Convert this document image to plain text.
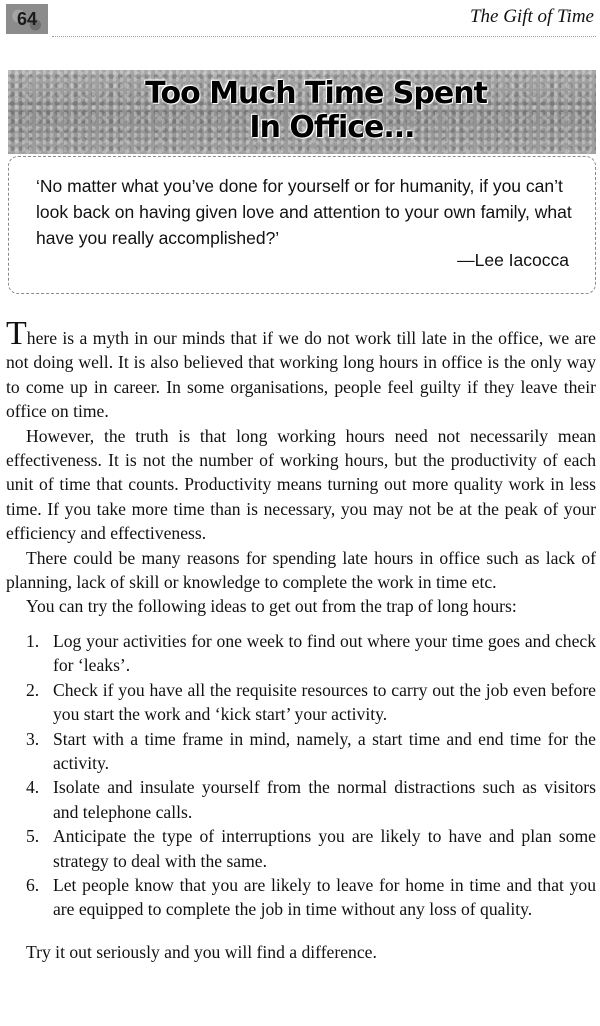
64	The Gift of Time
Too Much Time Spent
In Office...
‘No matter what you’ve done for yourself or for humanity, if you can’t look back on having given love and attention to your own family, what have you really accomplished?’
—Lee Iacocca

There is a myth in our minds that if we do not work till late in the office, we are not doing well. It is also believed that working long hours in office is the only way to come up in career. In some organisations, people feel guilty if they leave their office on time.

However, the truth is that long working hours need not necessarily mean effectiveness. It is not the number of working hours, but the productivity of each unit of time that counts. Productivity means turning out more quality work in less time. If you take more time than is necessary, you may not be at the peak of your efficiency and effectiveness.

There could be many reasons for spending late hours in office such as lack of planning, lack of skill or knowledge to complete the work in time etc.

You can try the following ideas to get out from the trap of long hours:

1. Log your activities for one week to find out where your time goes and check for ‘leaks’.
2. Check if you have all the requisite resources to carry out the job even before you start the work and ‘kick start’ your activity.
3. Start with a time frame in mind, namely, a start time and end time for the activity.
4. Isolate and insulate yourself from the normal distractions such as visitors and telephone calls.
5. Anticipate the type of interruptions you are likely to have and plan some strategy to deal with the same.
6. Let people know that you are likely to leave for home in time and that you are equipped to complete the job in time without any loss of quality.

Try it out seriously and you will find a difference.
